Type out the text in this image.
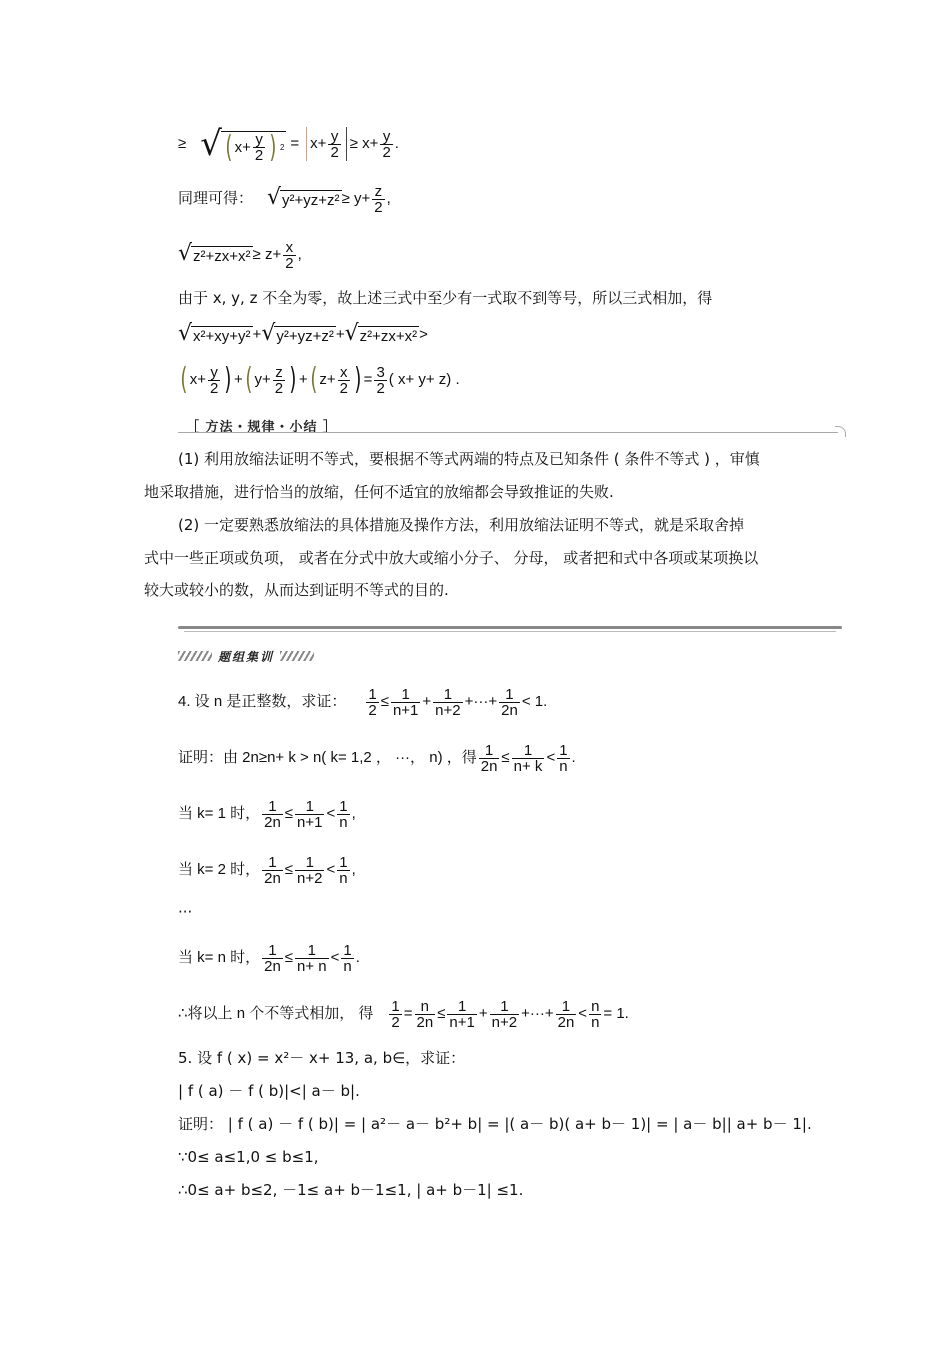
≥ √ ( $x + \frac{y}{2}$ ) $2 = x + \frac{y}{2} \ge x+ \frac{y}{2}$ .
同理可得： √ $y^2+yz+z^2 \ge y+ \frac{z}{2}$ ,
√ $z^2+zx+x^2 \ge z+ \frac{x}{2}$ ,
由于 x, y, z 不全为零，故上述三式中至少有一式取不到等号，所以三式相加，得
√ x²+xy+y² + √ y²+yz+z² + √ z²+zx+x² >
( $x+ \frac{y}{2}$ ) + ( $y+ \frac{z}{2}$ ) + ( $z+ \frac{x}{2}$ ) = $\frac{3}{2}$ ( x+ y+ z) .
［ 方法・规律・小结 ］
(1) 利用放缩法证明不等式，要根据不等式两端的特点及已知条件 ( 条件不等式 ) ，审慎
地采取措施，进行恰当的放缩，任何不适宜的放缩都会导致推证的失败.
(2) 一定要熟悉放缩法的具体措施及操作方法，利用放缩法证明不等式，就是采取舍掉
式中一些正项或负项， 或者在分式中放大或缩小分子、 分母， 或者把和式中各项或某项换以
较大或较小的数，从而达到证明不等式的目的.
题组集训
4. 设 n 是正整数，求证： $\frac{1}{2} \le \frac{1}{n+1} + \frac{1}{n+2}$ +···+ $\frac{1}{2n} < 1$.
证明：由 2n≥n+ k > n( k= 1,2 ， ···， n) ，得 $\frac{1}{2n} \le \frac{1}{n+ k} < \frac{1}{n}$ .
当 k= 1 时， $\frac{1}{2n} \le \frac{1}{n+1} < \frac{1}{n}$ ,
当 k= 2 时， $\frac{1}{2n} \le \frac{1}{n+2} < \frac{1}{n}$ ,
···
当 k= n 时， $\frac{1}{2n} \le \frac{1}{n+ n} < \frac{1}{n}$ .
∴将以上 n 个不等式相加， 得 $\frac{1}{2} = \frac{n}{2n} \le \frac{1}{n+1} + \frac{1}{n+2}$ +···+ $\frac{1}{2n} < \frac{n}{n} = 1$.
5. 设 f ( x) = x²－ x+ 13, a, b∈，求证：
| f ( a) － f ( b)|<| a－ b|.
证明： | f ( a) － f ( b)| = | a²－ a－ b²+ b| = |( a－ b)( a+ b－ 1)| = | a－ b|| a+ b－ 1|.
∵0≤ a≤1,0 ≤ b≤1,
∴0≤ a+ b≤2, －1≤ a+ b－1≤1, | a+ b－1| ≤1.
